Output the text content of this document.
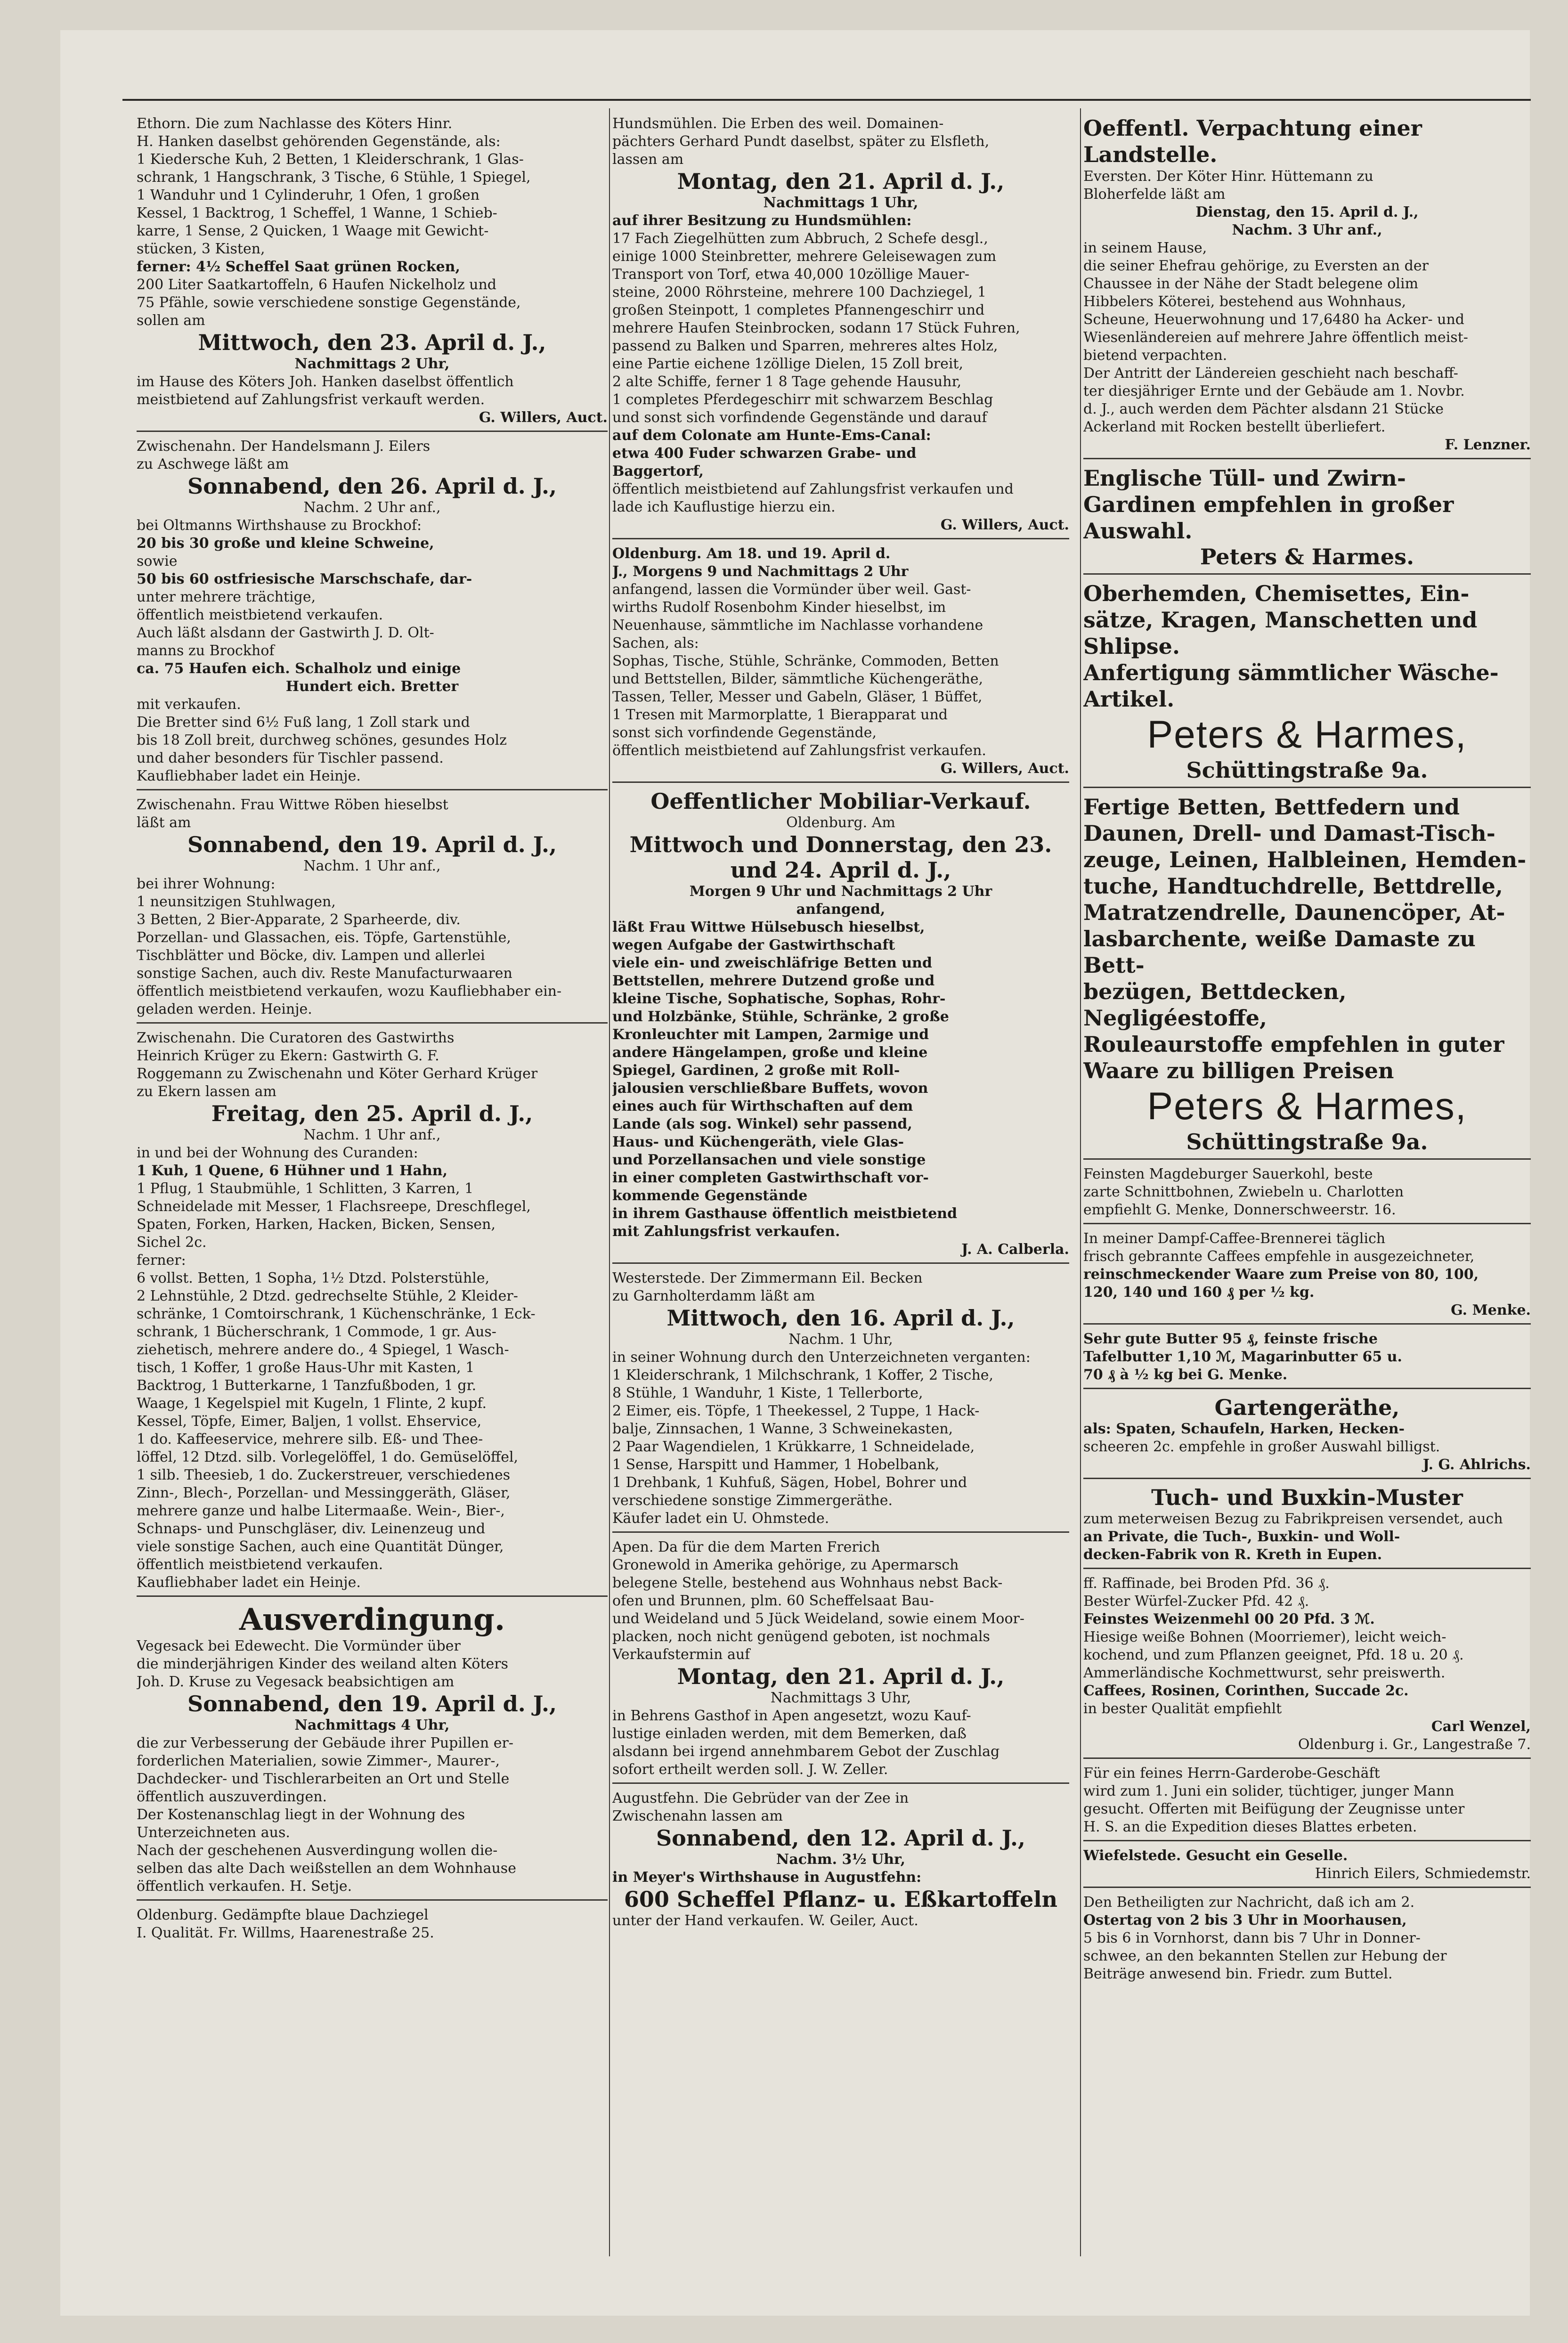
Ethorn. Die zum Nachlasse des Köters Hinr.
H. Hanken daselbst gehörenden Gegenstände, als:
1 Kiedersche Kuh, 2 Betten, 1 Kleiderschrank, 1 Glas-
schrank, 1 Hangschrank, 3 Tische, 6 Stühle, 1 Spiegel,
1 Wanduhr und 1 Cylinderuhr, 1 Ofen, 1 großen
Kessel, 1 Backtrog, 1 Scheffel, 1 Wanne, 1 Schieb-
karre, 1 Sense, 2 Quicken, 1 Waage mit Gewicht-
stücken, 3 Kisten,
ferner: 4½ Scheffel Saat grünen Rocken,
200 Liter Saatkartoffeln, 6 Haufen Nickelholz und
75 Pfähle, sowie verschiedene sonstige Gegenstände,
sollen am
Mittwoch, den 23. April d. J.,
Nachmittags 2 Uhr,
im Hause des Köters Joh. Hanken daselbst öffentlich
meistbietend auf Zahlungsfrist verkauft werden.
G. Willers, Auct.
Zwischenahn. Der Handelsmann J. Eilers
zu Aschwege läßt am
Sonnabend, den 26. April d. J.,
Nachm. 2 Uhr anf.,
bei Oltmanns Wirthshause zu Brockhof:
20 bis 30 große und kleine Schweine,
sowie
50 bis 60 ostfriesische Marschschafe, dar-
unter mehrere trächtige,
öffentlich meistbietend verkaufen.
Auch läßt alsdann der Gastwirth J. D. Olt-
manns zu Brockhof
ca. 75 Haufen eich. Schalholz und einige
Hundert eich. Bretter
mit verkaufen.
Die Bretter sind 6½ Fuß lang, 1 Zoll stark und
bis 18 Zoll breit, durchweg schönes, gesundes Holz
und daher besonders für Tischler passend.
Kaufliebhaber ladet ein Heinje.
Zwischenahn. Frau Wittwe Röben hieselbst
läßt am
Sonnabend, den 19. April d. J.,
Nachm. 1 Uhr anf.,
bei ihrer Wohnung:
1 neunsitzigen Stuhlwagen,
3 Betten, 2 Bier-Apparate, 2 Sparheerde, div.
Porzellan- und Glassachen, eis. Töpfe, Gartenstühle,
Tischblätter und Böcke, div. Lampen und allerlei
sonstige Sachen, auch div. Reste Manufacturwaaren
öffentlich meistbietend verkaufen, wozu Kaufliebhaber ein-
geladen werden. Heinje.
Zwischenahn. Die Curatoren des Gastwirths
Heinrich Krüger zu Ekern: Gastwirth G. F.
Roggemann zu Zwischenahn und Köter Gerhard Krüger
zu Ekern lassen am
Freitag, den 25. April d. J.,
Nachm. 1 Uhr anf.,
in und bei der Wohnung des Curanden:
1 Kuh, 1 Quene, 6 Hühner und 1 Hahn,
1 Pflug, 1 Staubmühle, 1 Schlitten, 3 Karren, 1
Schneidelade mit Messer, 1 Flachsreepe, Dreschflegel,
Spaten, Forken, Harken, Hacken, Bicken, Sensen,
Sichel 2c.
ferner:
6 vollst. Betten, 1 Sopha, 1½ Dtzd. Polsterstühle,
2 Lehnstühle, 2 Dtzd. gedrechselte Stühle, 2 Kleider-
schränke, 1 Comtoirschrank, 1 Küchenschränke, 1 Eck-
schrank, 1 Bücherschrank, 1 Commode, 1 gr. Aus-
ziehetisch, mehrere andere do., 4 Spiegel, 1 Wasch-
tisch, 1 Koffer, 1 große Haus-Uhr mit Kasten, 1
Backtrog, 1 Butterkarne, 1 Tanzfußboden, 1 gr.
Waage, 1 Kegelspiel mit Kugeln, 1 Flinte, 2 kupf.
Kessel, Töpfe, Eimer, Baljen, 1 vollst. Ehservice,
1 do. Kaffeeservice, mehrere silb. Eß- und Thee-
löffel, 12 Dtzd. silb. Vorlegelöffel, 1 do. Gemüselöffel,
1 silb. Theesieb, 1 do. Zuckerstreuer, verschiedenes
Zinn-, Blech-, Porzellan- und Messinggeräth, Gläser,
mehrere ganze und halbe Litermaaße. Wein-, Bier-,
Schnaps- und Punschgläser, div. Leinenzeug und
viele sonstige Sachen, auch eine Quantität Dünger,
öffentlich meistbietend verkaufen.
Kaufliebhaber ladet ein Heinje.
Ausverdingung.
Vegesack bei Edewecht. Die Vormünder über
die minderjährigen Kinder des weiland alten Köters
Joh. D. Kruse zu Vegesack beabsichtigen am
Sonnabend, den 19. April d. J.,
Nachmittags 4 Uhr,
die zur Verbesserung der Gebäude ihrer Pupillen er-
forderlichen Materialien, sowie Zimmer-, Maurer-,
Dachdecker- und Tischlerarbeiten an Ort und Stelle
öffentlich auszuverdingen.
Der Kostenanschlag liegt in der Wohnung des
Unterzeichneten aus.
Nach der geschehenen Ausverdingung wollen die-
selben das alte Dach weißstellen an dem Wohnhause
öffentlich verkaufen. H. Setje.
Oldenburg. Gedämpfte blaue Dachziegel
I. Qualität. Fr. Willms, Haarenestraße 25.
Hundsmühlen. Die Erben des weil. Domainen-
pächters Gerhard Pundt daselbst, später zu Elsfleth,
lassen am
Montag, den 21. April d. J.,
Nachmittags 1 Uhr,
auf ihrer Besitzung zu Hundsmühlen:
17 Fach Ziegelhütten zum Abbruch, 2 Schefe desgl.,
einige 1000 Steinbretter, mehrere Geleisewagen zum
Transport von Torf, etwa 40,000 10zöllige Mauer-
steine, 2000 Röhrsteine, mehrere 100 Dachziegel, 1
großen Steinpott, 1 completes Pfannengeschirr und
mehrere Haufen Steinbrocken, sodann 17 Stück Fuhren,
passend zu Balken und Sparren, mehreres altes Holz,
eine Partie eichene 1zöllige Dielen, 15 Zoll breit,
2 alte Schiffe, ferner 1 8 Tage gehende Hausuhr,
1 completes Pferdegeschirr mit schwarzem Beschlag
und sonst sich vorfindende Gegenstände und darauf
auf dem Colonate am Hunte-Ems-Canal:
etwa 400 Fuder schwarzen Grabe- und
Baggertorf,
öffentlich meistbietend auf Zahlungsfrist verkaufen und
lade ich Kauflustige hierzu ein.
G. Willers, Auct.
Oldenburg. Am 18. und 19. April d.
J., Morgens 9 und Nachmittags 2 Uhr
anfangend, lassen die Vormünder über weil. Gast-
wirths Rudolf Rosenbohm Kinder hieselbst, im
Neuenhause, sämmtliche im Nachlasse vorhandene
Sachen, als:
Sophas, Tische, Stühle, Schränke, Commoden, Betten
und Bettstellen, Bilder, sämmtliche Küchengeräthe,
Tassen, Teller, Messer und Gabeln, Gläser, 1 Büffet,
1 Tresen mit Marmorplatte, 1 Bierapparat und
sonst sich vorfindende Gegenstände,
öffentlich meistbietend auf Zahlungsfrist verkaufen.
G. Willers, Auct.
Oeffentlicher Mobiliar-Verkauf.
Oldenburg. Am
Mittwoch und Donnerstag, den 23.
und 24. April d. J.,
Morgen 9 Uhr und Nachmittags 2 Uhr
anfangend,
läßt Frau Wittwe Hülsebusch hieselbst,
wegen Aufgabe der Gastwirthschaft
viele ein- und zweischläfrige Betten und
Bettstellen, mehrere Dutzend große und
kleine Tische, Sophatische, Sophas, Rohr-
und Holzbänke, Stühle, Schränke, 2 große
Kronleuchter mit Lampen, 2armige und
andere Hängelampen, große und kleine
Spiegel, Gardinen, 2 große mit Roll-
jalousien verschließbare Buffets, wovon
eines auch für Wirthschaften auf dem
Lande (als sog. Winkel) sehr passend,
Haus- und Küchengeräth, viele Glas-
und Porzellansachen und viele sonstige
in einer completen Gastwirthschaft vor-
kommende Gegenstände
in ihrem Gasthause öffentlich meistbietend
mit Zahlungsfrist verkaufen.
J. A. Calberla.
Westerstede. Der Zimmermann Eil. Becken
zu Garnholterdamm läßt am
Mittwoch, den 16. April d. J.,
Nachm. 1 Uhr,
in seiner Wohnung durch den Unterzeichneten verganten:
1 Kleiderschrank, 1 Milchschrank, 1 Koffer, 2 Tische,
8 Stühle, 1 Wanduhr, 1 Kiste, 1 Tellerborte,
2 Eimer, eis. Töpfe, 1 Theekessel, 2 Tuppe, 1 Hack-
balje, Zinnsachen, 1 Wanne, 3 Schweinekasten,
2 Paar Wagendielen, 1 Krükkarre, 1 Schneidelade,
1 Sense, Harspitt und Hammer, 1 Hobelbank,
1 Drehbank, 1 Kuhfuß, Sägen, Hobel, Bohrer und
verschiedene sonstige Zimmergeräthe.
Käufer ladet ein U. Ohmstede.
Apen. Da für die dem Marten Frerich
Gronewold in Amerika gehörige, zu Apermarsch
belegene Stelle, bestehend aus Wohnhaus nebst Back-
ofen und Brunnen, plm. 60 Scheffelsaat Bau-
und Weideland und 5 Jück Weideland, sowie einem Moor-
placken, noch nicht genügend geboten, ist nochmals
Verkaufstermin auf
Montag, den 21. April d. J.,
Nachmittags 3 Uhr,
in Behrens Gasthof in Apen angesetzt, wozu Kauf-
lustige einladen werden, mit dem Bemerken, daß
alsdann bei irgend annehmbarem Gebot der Zuschlag
sofort ertheilt werden soll. J. W. Zeller.
Augustfehn. Die Gebrüder van der Zee in
Zwischenahn lassen am
Sonnabend, den 12. April d. J.,
Nachm. 3½ Uhr,
in Meyer's Wirthshause in Augustfehn:
600 Scheffel Pflanz- u. Eßkartoffeln
unter der Hand verkaufen. W. Geiler, Auct.
Oeffentl. Verpachtung einer Landstelle.
Eversten. Der Köter Hinr. Hüttemann zu
Bloherfelde läßt am
Dienstag, den 15. April d. J.,
Nachm. 3 Uhr anf.,
in seinem Hause,
die seiner Ehefrau gehörige, zu Eversten an der
Chaussee in der Nähe der Stadt belegene olim
Hibbelers Köterei, bestehend aus Wohnhaus,
Scheune, Heuerwohnung und 17,6480 ha Acker- und
Wiesenländereien auf mehrere Jahre öffentlich meist-
bietend verpachten.
Der Antritt der Ländereien geschieht nach beschaff-
ter diesjähriger Ernte und der Gebäude am 1. Novbr.
d. J., auch werden dem Pächter alsdann 21 Stücke
Ackerland mit Rocken bestellt überliefert.
F. Lenzner.
Englische Tüll- und Zwirn-
Gardinen empfehlen in großer
Auswahl.
Peters & Harmes.
Oberhemden, Chemisettes, Ein-
sätze, Kragen, Manschetten und
Shlipse.
Anfertigung sämmtlicher Wäsche-
Artikel.
Peters & Harmes,
Schüttingstraße 9a.
Fertige Betten, Bettfedern und
Daunen, Drell- und Damast-Tisch-
zeuge, Leinen, Halbleinen, Hemden-
tuche, Handtuchdrelle, Bettdrelle,
Matratzendrelle, Daunencöper, At-
lasbarchente, weiße Damaste zu Bett-
bezügen, Bettdecken, Negligéestoffe,
Rouleaurstoffe empfehlen in guter
Waare zu billigen Preisen
Peters & Harmes,
Schüttingstraße 9a.
Feinsten Magdeburger Sauerkohl, beste
zarte Schnittbohnen, Zwiebeln u. Charlotten
empfiehlt G. Menke, Donnerschweerstr. 16.
In meiner Dampf-Caffee-Brennerei täglich
frisch gebrannte Caffees empfehle in ausgezeichneter,
reinschmeckender Waare zum Preise von 80, 100,
120, 140 und 160 ₰ per ½ kg.
G. Menke.
Sehr gute Butter 95 ₰, feinste frische
Tafelbutter 1,10 ℳ, Magarinbutter 65 u.
70 ₰ à ½ kg bei G. Menke.
Gartengeräthe,
als: Spaten, Schaufeln, Harken, Hecken-
scheeren 2c. empfehle in großer Auswahl billigst.
J. G. Ahlrichs.
Tuch- und Buxkin-Muster
zum meterweisen Bezug zu Fabrikpreisen versendet, auch
an Private, die Tuch-, Buxkin- und Woll-
decken-Fabrik von R. Kreth in Eupen.
ff. Raffinade, bei Broden Pfd. 36 ₰.
Bester Würfel-Zucker Pfd. 42 ₰.
Feinstes Weizenmehl 00 20 Pfd. 3 ℳ.
Hiesige weiße Bohnen (Moorriemer), leicht weich-
kochend, und zum Pflanzen geeignet, Pfd. 18 u. 20 ₰.
Ammerländische Kochmettwurst, sehr preiswerth.
Caffees, Rosinen, Corinthen, Succade 2c.
in bester Qualität empfiehlt
Carl Wenzel,
Oldenburg i. Gr., Langestraße 7.
Für ein feines Herrn-Garderobe-Geschäft
wird zum 1. Juni ein solider, tüchtiger, junger Mann
gesucht. Offerten mit Beifügung der Zeugnisse unter
H. S. an die Expedition dieses Blattes erbeten.
Wiefelstede. Gesucht ein Geselle.
Hinrich Eilers, Schmiedemstr.
Den Betheiligten zur Nachricht, daß ich am 2.
Ostertag von 2 bis 3 Uhr in Moorhausen,
5 bis 6 in Vornhorst, dann bis 7 Uhr in Donner-
schwee, an den bekannten Stellen zur Hebung der
Beiträge anwesend bin. Friedr. zum Buttel.
